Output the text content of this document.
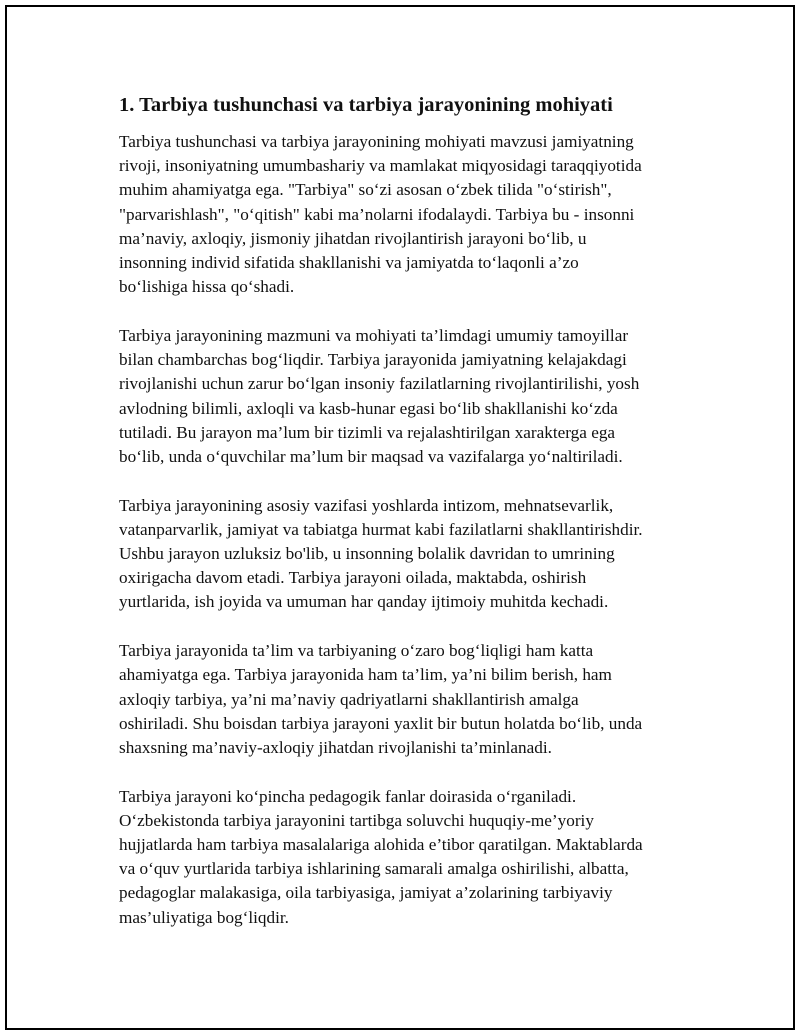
1. Tarbiya tushunchasi va tarbiya jarayonining mohiyati

Tarbiya tushunchasi va tarbiya jarayonining mohiyati mavzusi jamiyatning
rivoji, insoniyatning umumbashariy va mamlakat miqyosidagi taraqqiyotida
muhim ahamiyatga ega. "Tarbiya" so‘zi asosan o‘zbek tilida "o‘stirish",
"parvarishlash", "o‘qitish" kabi ma’nolarni ifodalaydi. Tarbiya bu - insonni
ma’naviy, axloqiy, jismoniy jihatdan rivojlantirish jarayoni bo‘lib, u
insonning individ sifatida shakllanishi va jamiyatda to‘laqonli a’zo
bo‘lishiga hissa qo‘shadi.

Tarbiya jarayonining mazmuni va mohiyati ta’limdagi umumiy tamoyillar
bilan chambarchas bog‘liqdir. Tarbiya jarayonida jamiyatning kelajakdagi
rivojlanishi uchun zarur bo‘lgan insoniy fazilatlarning rivojlantirilishi, yosh
avlodning bilimli, axloqli va kasb-hunar egasi bo‘lib shakllanishi ko‘zda
tutiladi. Bu jarayon ma’lum bir tizimli va rejalashtirilgan xarakterga ega
bo‘lib, unda o‘quvchilar ma’lum bir maqsad va vazifalarga yo‘naltiriladi.

Tarbiya jarayonining asosiy vazifasi yoshlarda intizom, mehnatsevarlik,
vatanparvarlik, jamiyat va tabiatga hurmat kabi fazilatlarni shakllantirishdir.
Ushbu jarayon uzluksiz bo'lib, u insonning bolalik davridan to umrining
oxirigacha davom etadi. Tarbiya jarayoni oilada, maktabda, oshirish
yurtlarida, ish joyida va umuman har qanday ijtimoiy muhitda kechadi.

Tarbiya jarayonida ta’lim va tarbiyaning o‘zaro bog‘liqligi ham katta
ahamiyatga ega. Tarbiya jarayonida ham ta’lim, ya’ni bilim berish, ham
axloqiy tarbiya, ya’ni ma’naviy qadriyatlarni shakllantirish amalga
oshiriladi. Shu boisdan tarbiya jarayoni yaxlit bir butun holatda bo‘lib, unda
shaxsning ma’naviy-axloqiy jihatdan rivojlanishi ta’minlanadi.

Tarbiya jarayoni ko‘pincha pedagogik fanlar doirasida o‘rganiladi.
O‘zbekistonda tarbiya jarayonini tartibga soluvchi huquqiy-me’yoriy
hujjatlarda ham tarbiya masalalariga alohida e’tibor qaratilgan. Maktablarda
va o‘quv yurtlarida tarbiya ishlarining samarali amalga oshirilishi, albatta,
pedagoglar malakasiga, oila tarbiyasiga, jamiyat a’zolarining tarbiyaviy
mas’uliyatiga bog‘liqdir.
